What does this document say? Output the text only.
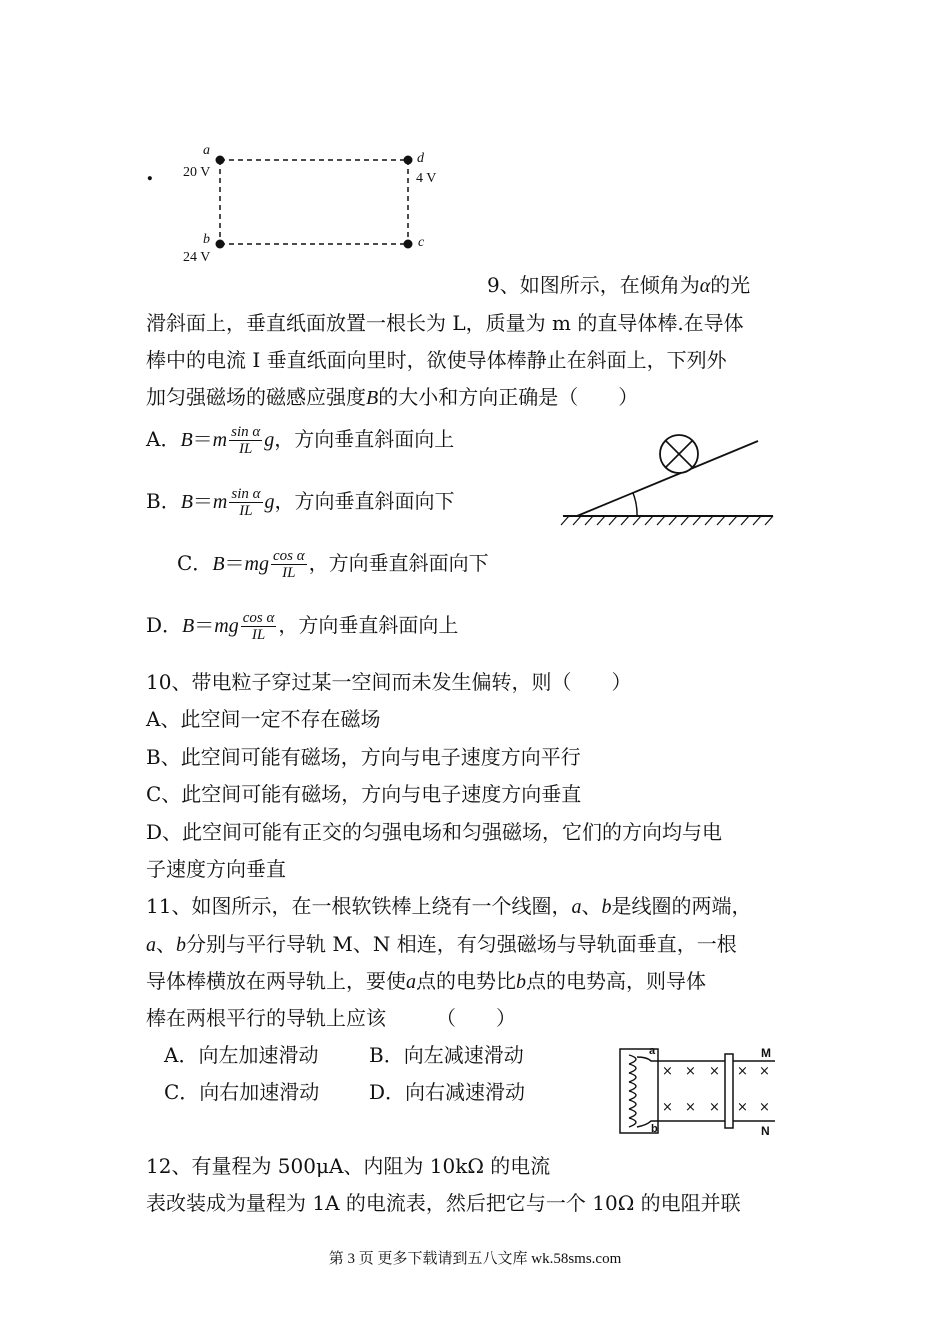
.
a
20 V
d
4 V
b
24 V
c
9、如图所示，在倾角为α的光
滑斜面上，垂直纸面放置一根长为 L，质量为 m 的直导体棒.在导体
棒中的电流 I 垂直纸面向里时，欲使导体棒静止在斜面上，下列外
加匀强磁场的磁感应强度B的大小和方向正确是（　　）
A．$B=m \frac{\text{sin α}}{IL}$ g，方向垂直斜面向上
B．$B=m \frac{\text{sin α}}{IL}$ g，方向垂直斜面向下
C．$B=mg \frac{\text{cos α}}{IL}$ ，方向垂直斜面向下
D．$B=mg \frac{\text{cos α}}{IL}$ ，方向垂直斜面向上
10、带电粒子穿过某一空间而未发生偏转，则（　　）
A、此空间一定不存在磁场
B、此空间可能有磁场，方向与电子速度方向平行
C、此空间可能有磁场，方向与电子速度方向垂直
D、此空间可能有正交的匀强电场和匀强磁场，它们的方向均与电
子速度方向垂直
11、如图所示，在一根软铁棒上绕有一个线圈，a、b是线圈的两端，
a、b分别与平行导轨 M、N 相连，有匀强磁场与导轨面垂直，一根
导体棒横放在两导轨上，要使a点的电势比b点的电势高，则导体
棒在两根平行的导轨上应该　　　（　　）
A．向左加速滑动	B．向左减速滑动
C．向右加速滑动 D．向右减速滑动
a
b
M
N
× × × × ×
× × × × ×
12、有量程为 500μA、内阻为 10kΩ 的电流
表改装成为量程为 1A 的电流表，然后把它与一个 10Ω 的电阻并联
第 3 页 更多下载请到五八文库 wk.58sms.com
